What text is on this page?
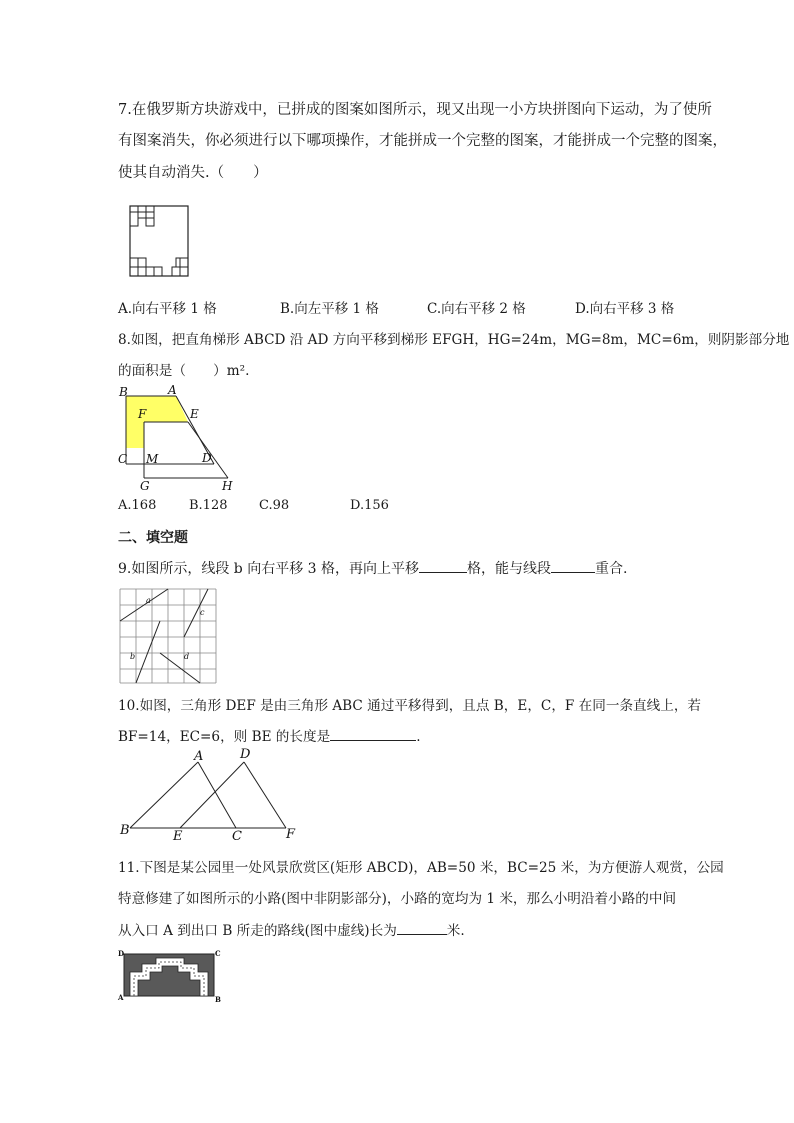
7.在俄罗斯方块游戏中，已拼成的图案如图所示，现又出现一小方块拼图向下运动，为了使所
有图案消失，你必须进行以下哪项操作，才能拼成一个完整的图案，才能拼成一个完整的图案，
使其自动消失.（　　）
A.向右平移 1 格	B.向左平移 1 格	C.向右平移 2 格	D.向右平移 3 格
8.如图，把直角梯形 ABCD 沿 AD 方向平移到梯形 EFGH，HG=24m，MG=8m，MC=6m，则阴影部分地
的面积是（　　）m².
B	A
F	E
C M	D
G	H
A.168	B.128 C.98	D.156
二、填空题
9.如图所示，线段 b 向右平移 3 格，再向上平移	格，能与线段	重合.
a
c
b	d
10.如图，三角形 DEF 是由三角形 ABC 通过平移得到，且点 B，E，C，F 在同一条直线上，若
BF=14，EC=6，则 BE 的长度是	.
A	D
B	E	C	F
11.下图是某公园里一处风景欣赏区(矩形 ABCD)，AB=50 米，BC=25 米，为方便游人观赏，公园
特意修建了如图所示的小路(图中非阴影部分)，小路的宽均为 1 米，那么小明沿着小路的中间
从入口 A 到出口 B 所走的路线(图中虚线)长为	米.
D	C
A	B
